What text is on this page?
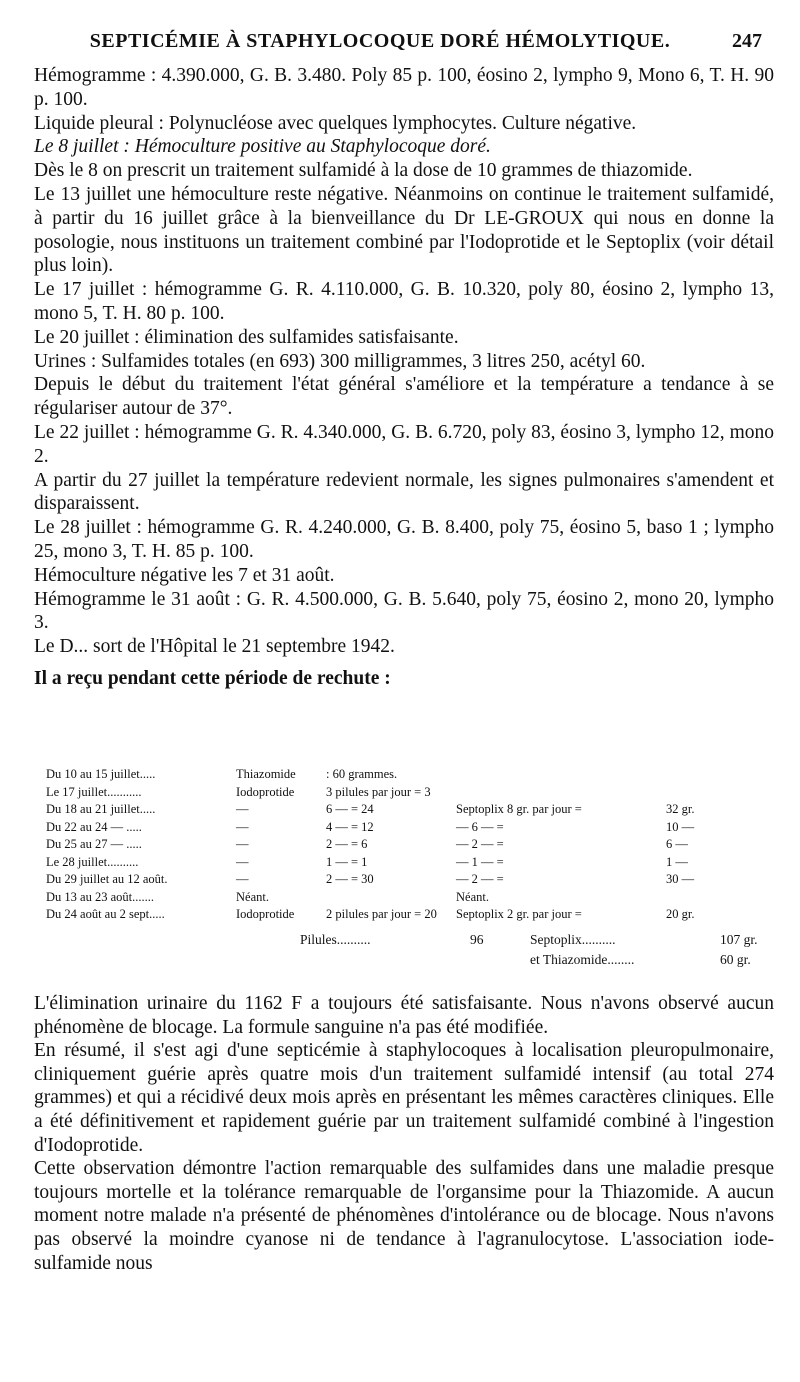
SEPTICÉMIE À STAPHYLOCOQUE DORÉ HÉMOLYTIQUE.	247

Hémogramme : 4.390.000, G. B. 3.480. Poly 85 p. 100, éosino 2, lympho 9, Mono 6, T. H. 90 p. 100.

Liquide pleural : Polynucléose avec quelques lymphocytes. Culture négative.

Le 8 juillet : Hémoculture positive au Staphylocoque doré.

Dès le 8 on prescrit un traitement sulfamidé à la dose de 10 grammes de thiazomide.

Le 13 juillet une hémoculture reste négative. Néanmoins on continue le traitement sulfamidé, à partir du 16 juillet grâce à la bienveillance du Dr LE-GROUX qui nous en donne la posologie, nous instituons un traitement combiné par l'Iodoprotide et le Septoplix (voir détail plus loin).

Le 17 juillet : hémogramme G. R. 4.110.000, G. B. 10.320, poly 80, éosino 2, lympho 13, mono 5, T. H. 80 p. 100.

Le 20 juillet : élimination des sulfamides satisfaisante.

Urines : Sulfamides totales (en 693) 300 milligrammes, 3 litres 250, acétyl 60.

Depuis le début du traitement l'état général s'améliore et la température a tendance à se régulariser autour de 37°.

Le 22 juillet : hémogramme G. R. 4.340.000, G. B. 6.720, poly 83, éosino 3, lympho 12, mono 2.

A partir du 27 juillet la température redevient normale, les signes pulmonaires s'amendent et disparaissent.

Le 28 juillet : hémogramme G. R. 4.240.000, G. B. 8.400, poly 75, éosino 5, baso 1 ; lympho 25, mono 3, T. H. 85 p. 100.

Hémoculture négative les 7 et 31 août.

Hémogramme le 31 août : G. R. 4.500.000, G. B. 5.640, poly 75, éosino 2, mono 20, lympho 3.

Le D... sort de l'Hôpital le 21 septembre 1942.

Il a reçu pendant cette période de rechute :

Du 10 au 15 juillet.....	Thiazomide	: 60 grammes.
Le 17 juillet...........	Iodoprotide	3 pilules par jour = 3
Du 18 au 21 juillet.....	—	6 — = 24	Septoplix 8 gr. par jour =	32 gr.
Du 22 au 24 — .....	—	4 — = 12	— 6 — =	10 —
Du 25 au 27 — .....	—	2 — = 6	— 2 — =	6 —
Le 28 juillet..........	—	1 — = 1	— 1 — =	1 —
Du 29 juillet au 12 août.	—	2 — = 30	— 2 — =	30 —
Du 13 au 23 août.......	Néant.	Néant.
Du 24 août au 2 sept.....	Iodoprotide	2 pilules par jour = 20	Septoplix 2 gr. par jour =	20 gr.
Pilules..........	96	Septoplix..........	107 gr.
et Thiazomide........	60 gr.

L'élimination urinaire du 1162 F a toujours été satisfaisante. Nous n'avons observé aucun phénomène de blocage. La formule sanguine n'a pas été modifiée.

En résumé, il s'est agi d'une septicémie à staphylocoques à localisation pleuropulmonaire, cliniquement guérie après quatre mois d'un traitement sulfamidé intensif (au total 274 grammes) et qui a récidivé deux mois après en présentant les mêmes caractères cliniques. Elle a été définitivement et rapidement guérie par un traitement sulfamidé combiné à l'ingestion d'Iodoprotide.

Cette observation démontre l'action remarquable des sulfamides dans une maladie presque toujours mortelle et la tolérance remarquable de l'organsime pour la Thiazomide. A aucun moment notre malade n'a présenté de phénomènes d'intolérance ou de blocage. Nous n'avons pas observé la moindre cyanose ni de tendance à l'agranulocytose. L'association iode-sulfamide nous
